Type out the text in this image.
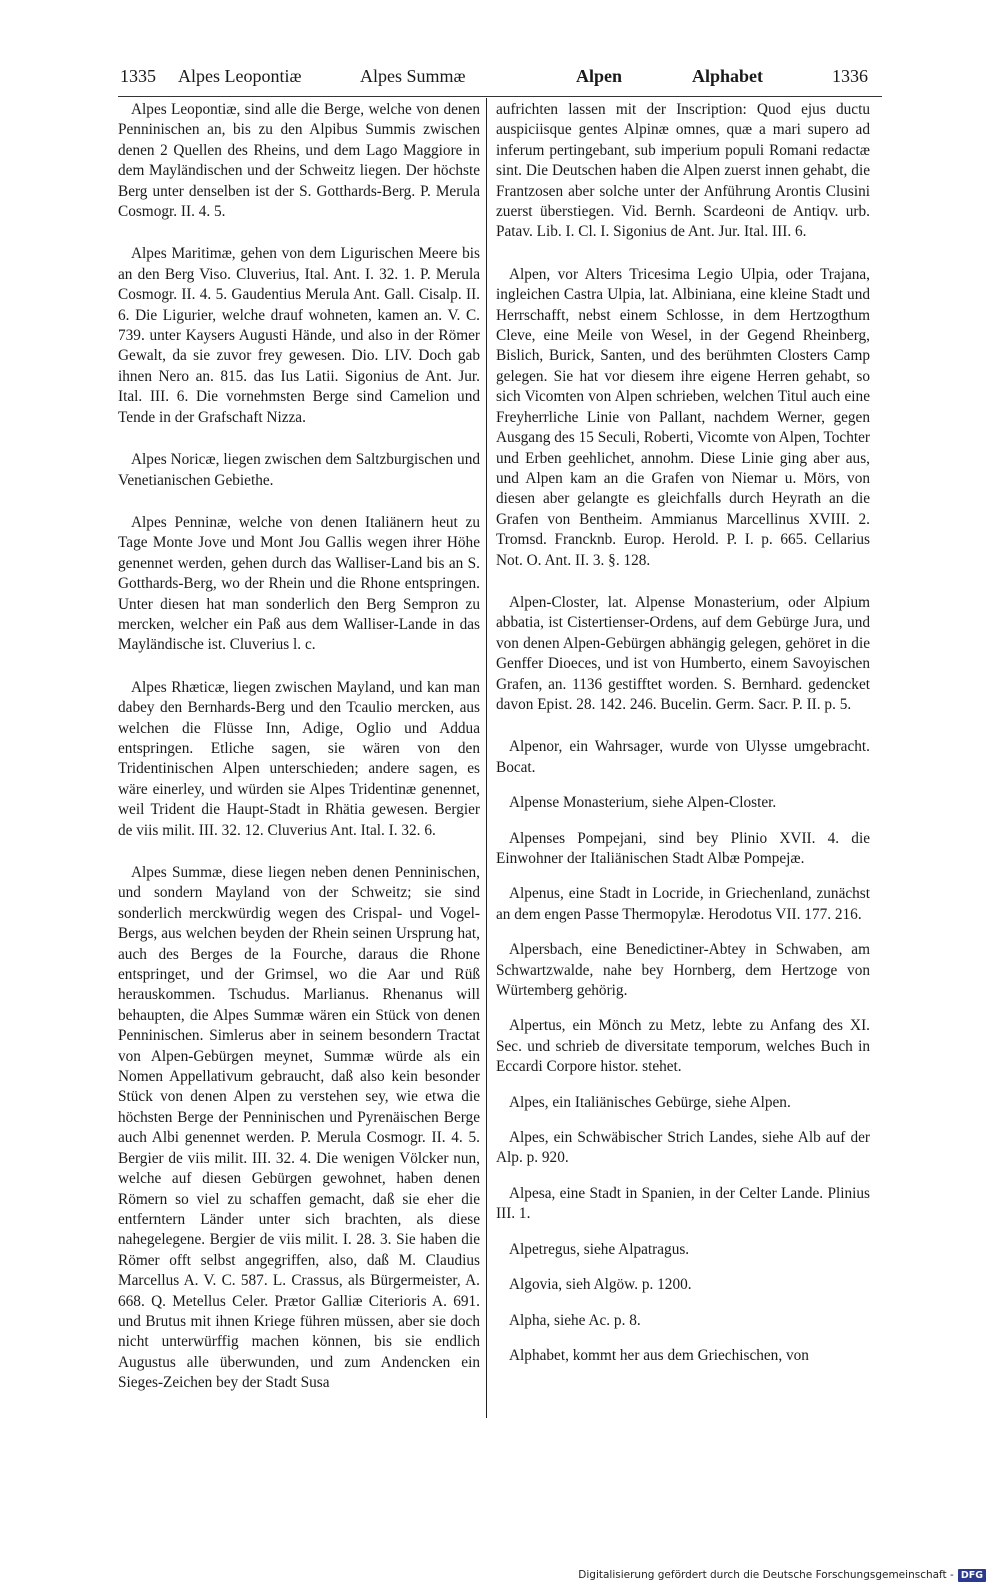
1335 Alpes Leopontiæ	Alpes Summæ	Alpen	Alphabet	1336

Alpes Leopontiæ, sind alle die Berge, welche von denen Penninischen an, bis zu den Alpibus Summis zwischen denen 2 Quellen des Rheins, und dem Lago Maggiore in dem Mayländischen und der Schweitz liegen. Der höchste Berg unter denselben ist der S. Gotthards-Berg. P. Merula Cosmogr. II. 4. 5.

Alpes Maritimæ, gehen von dem Ligurischen Meere bis an den Berg Viso. Cluverius, Ital. Ant. I. 32. 1. P. Merula Cosmogr. II. 4. 5. Gaudentius Merula Ant. Gall. Cisalp. II. 6. Die Ligurier, welche drauf wohneten, kamen an. V. C. 739. unter Kaysers Augusti Hände, und also in der Römer Gewalt, da sie zuvor frey gewesen. Dio. LIV. Doch gab ihnen Nero an. 815. das Ius Latii. Sigonius de Ant. Jur. Ital. III. 6. Die vornehmsten Berge sind Camelion und Tende in der Grafschaft Nizza.

Alpes Noricæ, liegen zwischen dem Saltzburgischen und Venetianischen Gebiethe.

Alpes Penninæ, welche von denen Italiänern heut zu Tage Monte Jove und Mont Jou Gallis wegen ihrer Höhe genennet werden, gehen durch das Walliser-Land bis an S. Gotthards-Berg, wo der Rhein und die Rhone entspringen. Unter diesen hat man sonderlich den Berg Sempron zu mercken, welcher ein Paß aus dem Walliser-Lande in das Mayländische ist. Cluverius l. c.

Alpes Rhæticæ, liegen zwischen Mayland, und kan man dabey den Bernhards-Berg und den Tcaulio mercken, aus welchen die Flüsse Inn, Adige, Oglio und Addua entspringen. Etliche sagen, sie wären von den Tridentinischen Alpen unterschieden; andere sagen, es wäre einerley, und würden sie Alpes Tridentinæ genennet, weil Trident die Haupt-Stadt in Rhätia gewesen. Bergier de viis milit. III. 32. 12. Cluverius Ant. Ital. I. 32. 6.

Alpes Summæ, diese liegen neben denen Penninischen, und sondern Mayland von der Schweitz; sie sind sonderlich merckwürdig wegen des Crispal- und Vogel-Bergs, aus welchen beyden der Rhein seinen Ursprung hat, auch des Berges de la Fourche, daraus die Rhone entspringet, und der Grimsel, wo die Aar und Rüß herauskommen. Tschudus. Marlianus. Rhenanus will behaupten, die Alpes Summæ wären ein Stück von denen Penninischen. Simlerus aber in seinem besondern Tractat von Alpen-Gebürgen meynet, Summæ würde als ein Nomen Appellativum gebraucht, daß also kein besonder Stück von denen Alpen zu verstehen sey, wie etwa die höchsten Berge der Penninischen und Pyrenäischen Berge auch Albi genennet werden. P. Merula Cosmogr. II. 4. 5. Bergier de viis milit. III. 32. 4. Die wenigen Völcker nun, welche auf diesen Gebürgen gewohnet, haben denen Römern so viel zu schaffen gemacht, daß sie eher die entferntern Länder unter sich brachten, als diese nahegelegene. Bergier de viis milit. I. 28. 3. Sie haben die Römer offt selbst angegriffen, also, daß M. Claudius Marcellus A. V. C. 587. L. Crassus, als Bürgermeister, A. 668. Q. Metellus Celer. Prætor Galliæ Citerioris A. 691. und Brutus mit ihnen Kriege führen müssen, aber sie doch nicht unterwürffig machen können, bis sie endlich Augustus alle überwunden, und zum Andencken ein Sieges-Zeichen bey der Stadt Susa

aufrichten lassen mit der Inscription: Quod ejus ductu auspiciisque gentes Alpinæ omnes, quæ a mari supero ad inferum pertingebant, sub imperium populi Romani redactæ sint. Die Deutschen haben die Alpen zuerst innen gehabt, die Frantzosen aber solche unter der Anführung Arontis Clusini zuerst überstiegen. Vid. Bernh. Scardeoni de Antiqv. urb. Patav. Lib. I. Cl. I. Sigonius de Ant. Jur. Ital. III. 6.

Alpen, vor Alters Tricesima Legio Ulpia, oder Trajana, ingleichen Castra Ulpia, lat. Albiniana, eine kleine Stadt und Herrschafft, nebst einem Schlosse, in dem Hertzogthum Cleve, eine Meile von Wesel, in der Gegend Rheinberg, Bislich, Burick, Santen, und des berühmten Closters Camp gelegen. Sie hat vor diesem ihre eigene Herren gehabt, so sich Vicomten von Alpen schrieben, welchen Titul auch eine Freyherrliche Linie von Pallant, nachdem Werner, gegen Ausgang des 15 Seculi, Roberti, Vicomte von Alpen, Tochter und Erben geehlichet, annohm. Diese Linie ging aber aus, und Alpen kam an die Grafen von Niemar u. Mörs, von diesen aber gelangte es gleichfalls durch Heyrath an die Grafen von Bentheim. Ammianus Marcellinus XVIII. 2. Tromsd. Francknb. Europ. Herold. P. I. p. 665. Cellarius Not. O. Ant. II. 3. §. 128.

Alpen-Closter, lat. Alpense Monasterium, oder Alpium abbatia, ist Cistertienser-Ordens, auf dem Gebürge Jura, und von denen Alpen-Gebürgen abhängig gelegen, gehöret in die Genffer Dioeces, und ist von Humberto, einem Savoyischen Grafen, an. 1136 gestifftet worden. S. Bernhard. gedencket davon Epist. 28. 142. 246. Bucelin. Germ. Sacr. P. II. p. 5.

Alpenor, ein Wahrsager, wurde von Ulysse umgebracht. Bocat.

Alpense Monasterium, siehe Alpen-Closter.

Alpenses Pompejani, sind bey Plinio XVII. 4. die Einwohner der Italiänischen Stadt Albæ Pompejæ.

Alpenus, eine Stadt in Locride, in Griechenland, zunächst an dem engen Passe Thermopylæ. Herodotus VII. 177. 216.

Alpersbach, eine Benedictiner-Abtey in Schwaben, am Schwartzwalde, nahe bey Hornberg, dem Hertzoge von Würtemberg gehörig.

Alpertus, ein Mönch zu Metz, lebte zu Anfang des XI. Sec. und schrieb de diversitate temporum, welches Buch in Eccardi Corpore histor. stehet.

Alpes, ein Italiänisches Gebürge, siehe Alpen.

Alpes, ein Schwäbischer Strich Landes, siehe Alb auf der Alp. p. 920.

Alpesa, eine Stadt in Spanien, in der Celter Lande. Plinius III. 1.

Alpetregus, siehe Alpatragus.

Algovia, sieh Algöw. p. 1200.

Alpha, siehe Ac. p. 8.

Alphabet, kommt her aus dem Griechischen, von

Digitalisierung gefördert durch die Deutsche Forschungsgemeinschaft - DFG
